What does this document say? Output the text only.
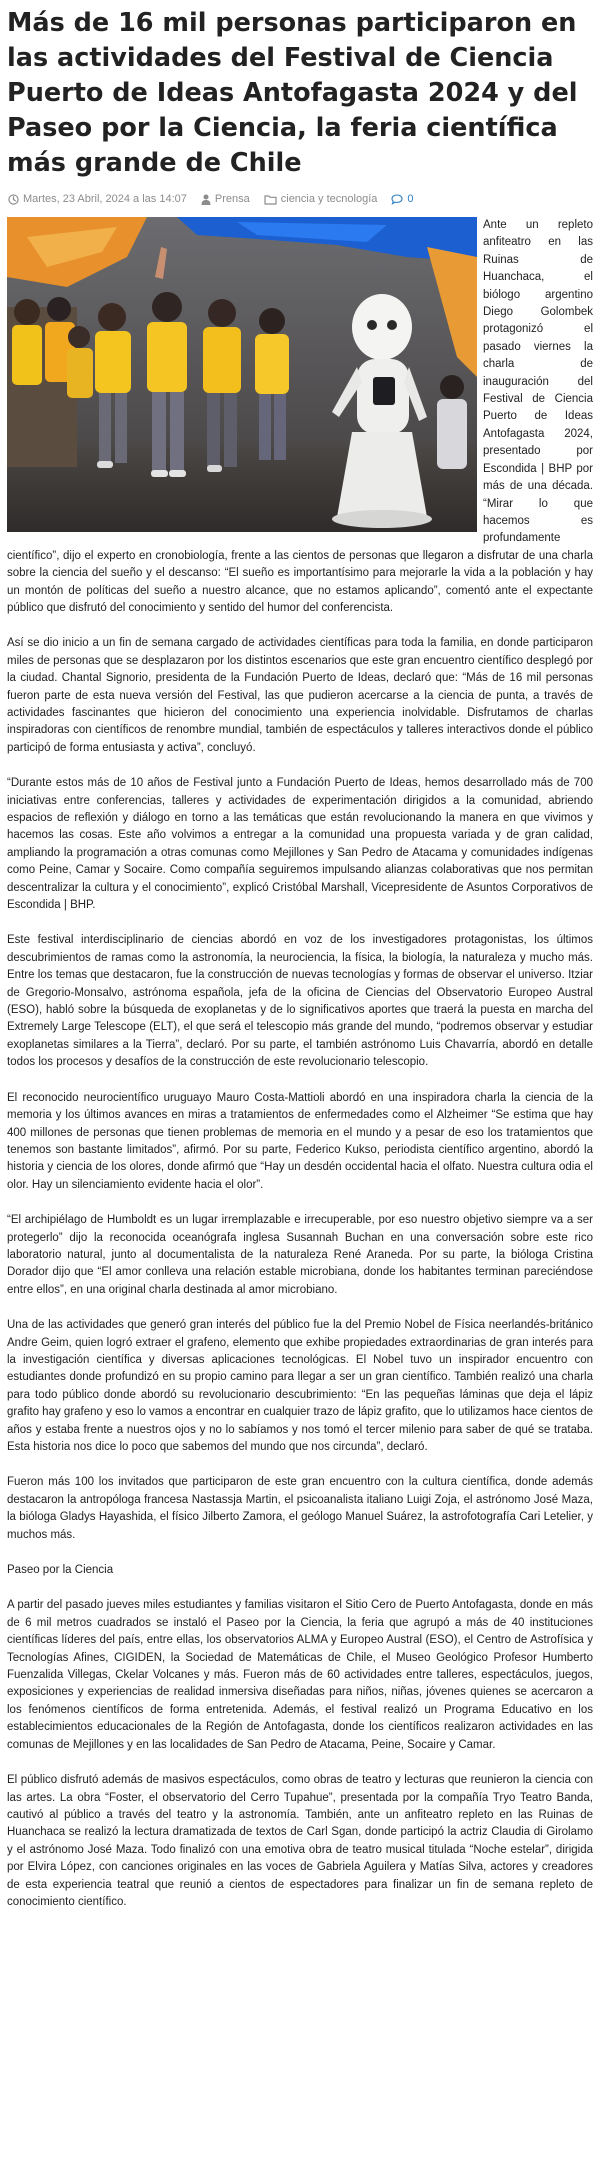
Más de 16 mil personas participaron en las actividades del Festival de Ciencia Puerto de Ideas Antofagasta 2024 y del Paseo por la Ciencia, la feria científica más grande de Chile
Martes, 23 Abril, 2024 a las 14:07	Prensa	ciencia y tecnología	0

Ante un repleto anfiteatro en las Ruinas de Huanchaca, el biólogo argentino Diego Golombek protagonizó el pasado viernes la charla de inauguración del Festival de Ciencia Puerto de Ideas Antofagasta 2024, presentado por Escondida | BHP por más de una década. “Mirar lo que hacemos es profundamente científico”, dijo el experto en cronobiología, frente a las cientos de personas que llegaron a disfrutar de una charla sobre la ciencia del sueño y el descanso: “El sueño es importantísimo para mejorarle la vida a la población y hay un montón de políticas del sueño a nuestro alcance, que no estamos aplicando”, comentó ante el expectante público que disfrutó del conocimiento y sentido del humor del conferencista.

Así se dio inicio a un fin de semana cargado de actividades científicas para toda la familia, en donde participaron miles de personas que se desplazaron por los distintos escenarios que este gran encuentro científico desplegó por la ciudad. Chantal Signorio, presidenta de la Fundación Puerto de Ideas, declaró que: “Más de 16 mil personas fueron parte de esta nueva versión del Festival, las que pudieron acercarse a la ciencia de punta, a través de actividades fascinantes que hicieron del conocimiento una experiencia inolvidable. Disfrutamos de charlas inspiradoras con científicos de renombre mundial, también de espectáculos y talleres interactivos donde el público participó de forma entusiasta y activa”, concluyó.

“Durante estos más de 10 años de Festival junto a Fundación Puerto de Ideas, hemos desarrollado más de 700 iniciativas entre conferencias, talleres y actividades de experimentación dirigidos a la comunidad, abriendo espacios de reflexión y diálogo en torno a las temáticas que están revolucionando la manera en que vivimos y hacemos las cosas. Este año volvimos a entregar a la comunidad una propuesta variada y de gran calidad, ampliando la programación a otras comunas como Mejillones y San Pedro de Atacama y comunidades indígenas como Peine, Camar y Socaire. Como compañía seguiremos impulsando alianzas colaborativas que nos permitan descentralizar la cultura y el conocimiento”, explicó Cristóbal Marshall, Vicepresidente de Asuntos Corporativos de Escondida | BHP.

Este festival interdisciplinario de ciencias abordó en voz de los investigadores protagonistas, los últimos descubrimientos de ramas como la astronomía, la neurociencia, la física, la biología, la naturaleza y mucho más. Entre los temas que destacaron, fue la construcción de nuevas tecnologías y formas de observar el universo. Itziar de Gregorio-Monsalvo, astrónoma española, jefa de la oficina de Ciencias del Observatorio Europeo Austral (ESO), habló sobre la búsqueda de exoplanetas y de lo significativos aportes que traerá la puesta en marcha del Extremely Large Telescope (ELT), el que será el telescopio más grande del mundo, “podremos observar y estudiar exoplanetas similares a la Tierra”, declaró. Por su parte, el también astrónomo Luis Chavarría, abordó en detalle todos los procesos y desafíos de la construcción de este revolucionario telescopio.

El reconocido neurocientífico uruguayo Mauro Costa-Mattioli abordó en una inspiradora charla la ciencia de la memoria y los últimos avances en miras a tratamientos de enfermedades como el Alzheimer “Se estima que hay 400 millones de personas que tienen problemas de memoria en el mundo y a pesar de eso los tratamientos que tenemos son bastante limitados”, afirmó. Por su parte, Federico Kukso, periodista científico argentino, abordó la historia y ciencia de los olores, donde afirmó que “Hay un desdén occidental hacia el olfato. Nuestra cultura odia el olor. Hay un silenciamiento evidente hacia el olor”.

“El archipiélago de Humboldt es un lugar irremplazable e irrecuperable, por eso nuestro objetivo siempre va a ser protegerlo” dijo la reconocida oceanógrafa inglesa Susannah Buchan en una conversación sobre este rico laboratorio natural, junto al documentalista de la naturaleza René Araneda. Por su parte, la bióloga Cristina Dorador dijo que “El amor conlleva una relación estable microbiana, donde los habitantes terminan pareciéndose entre ellos”, en una original charla destinada al amor microbiano.

Una de las actividades que generó gran interés del público fue la del Premio Nobel de Física neerlandés-británico Andre Geim, quien logró extraer el grafeno, elemento que exhibe propiedades extraordinarias de gran interés para la investigación científica y diversas aplicaciones tecnológicas. El Nobel tuvo un inspirador encuentro con estudiantes donde profundizó en su propio camino para llegar a ser un gran científico. También realizó una charla para todo público donde abordó su revolucionario descubrimiento: “En las pequeñas láminas que deja el lápiz grafito hay grafeno y eso lo vamos a encontrar en cualquier trazo de lápiz grafito, que lo utilizamos hace cientos de años y estaba frente a nuestros ojos y no lo sabíamos y nos tomó el tercer milenio para saber de qué se trataba. Esta historia nos dice lo poco que sabemos del mundo que nos circunda”, declaró.

Fueron más 100 los invitados que participaron de este gran encuentro con la cultura científica, donde además destacaron la antropóloga francesa Nastassja Martin, el psicoanalista italiano Luigi Zoja, el astrónomo José Maza, la bióloga Gladys Hayashida, el físico Jilberto Zamora, el geólogo Manuel Suárez, la astrofotografía Cari Letelier, y muchos más.

Paseo por la Ciencia

A partir del pasado jueves miles estudiantes y familias visitaron el Sitio Cero de Puerto Antofagasta, donde en más de 6 mil metros cuadrados se instaló el Paseo por la Ciencia, la feria que agrupó a más de 40 instituciones científicas líderes del país, entre ellas, los observatorios ALMA y Europeo Austral (ESO), el Centro de Astrofísica y Tecnologías Afines, CIGIDEN, la Sociedad de Matemáticas de Chile, el Museo Geológico Profesor Humberto Fuenzalida Villegas, Ckelar Volcanes y más. Fueron más de 60 actividades entre talleres, espectáculos, juegos, exposiciones y experiencias de realidad inmersiva diseñadas para niños, niñas, jóvenes quienes se acercaron a los fenómenos científicos de forma entretenida. Además, el festival realizó un Programa Educativo en los establecimientos educacionales de la Región de Antofagasta, donde los científicos realizaron actividades en las comunas de Mejillones y en las localidades de San Pedro de Atacama, Peine, Socaire y Camar.

El público disfrutó además de masivos espectáculos, como obras de teatro y lecturas que reunieron la ciencia con las artes. La obra “Foster, el observatorio del Cerro Tupahue”, presentada por la compañía Tryo Teatro Banda, cautivó al público a través del teatro y la astronomía. También, ante un anfiteatro repleto en las Ruinas de Huanchaca se realizó la lectura dramatizada de textos de Carl Sgan, donde participó la actriz Claudia di Girolamo y el astrónomo José Maza. Todo finalizó con una emotiva obra de teatro musical titulada “Noche estelar”, dirigida por Elvira López, con canciones originales en las voces de Gabriela Aguilera y Matías Silva, actores y creadores de esta experiencia teatral que reunió a cientos de espectadores para finalizar un fin de semana repleto de conocimiento científico.
